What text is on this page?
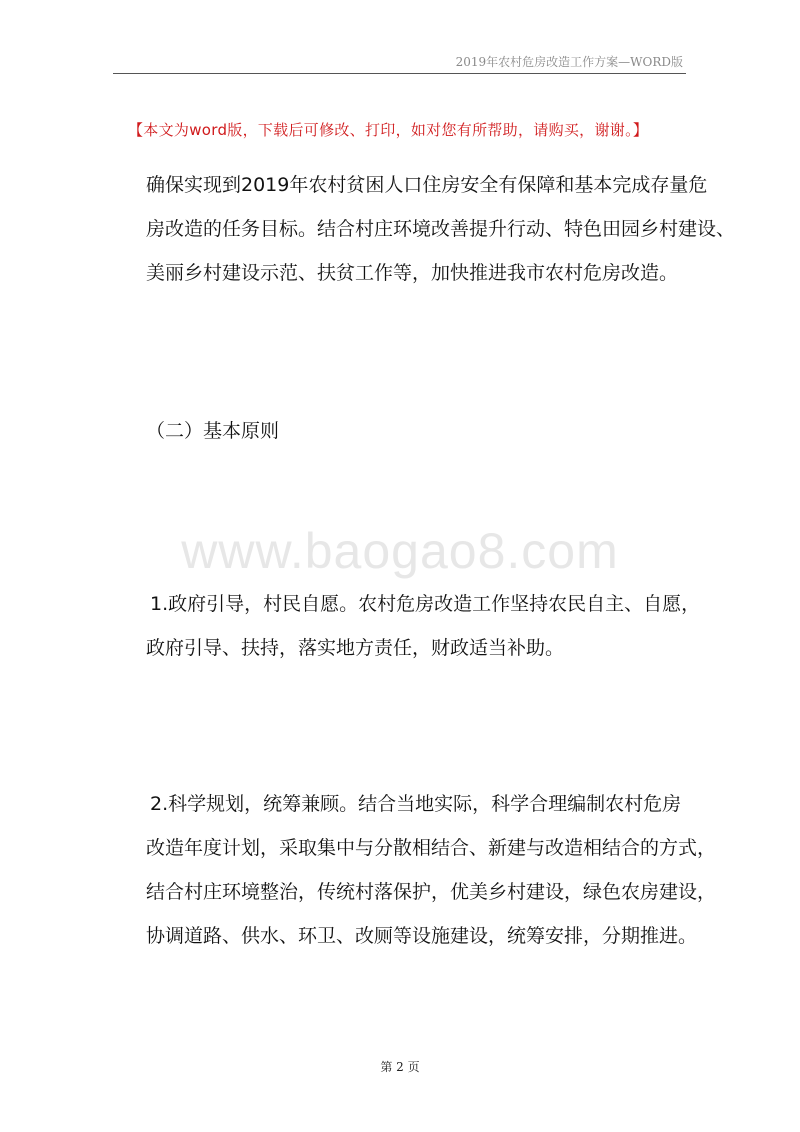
2019年农村危房改造工作方案—WORD版
【本文为word版，下载后可修改、打印，如对您有所帮助，请购买，谢谢。】
确保实现到2019年农村贫困人口住房安全有保障和基本完成存量危
房改造的任务目标。结合村庄环境改善提升行动、特色田园乡村建设、
美丽乡村建设示范、扶贫工作等，加快推进我市农村危房改造。
（二）基本原则
www.baogao8.com
1.政府引导，村民自愿。农村危房改造工作坚持农民自主、自愿，
政府引导、扶持，落实地方责任，财政适当补助。
2.科学规划，统筹兼顾。结合当地实际，科学合理编制农村危房
改造年度计划，采取集中与分散相结合、新建与改造相结合的方式，
结合村庄环境整治，传统村落保护，优美乡村建设，绿色农房建设，
协调道路、供水、环卫、改厕等设施建设，统筹安排，分期推进。
第 2 页
